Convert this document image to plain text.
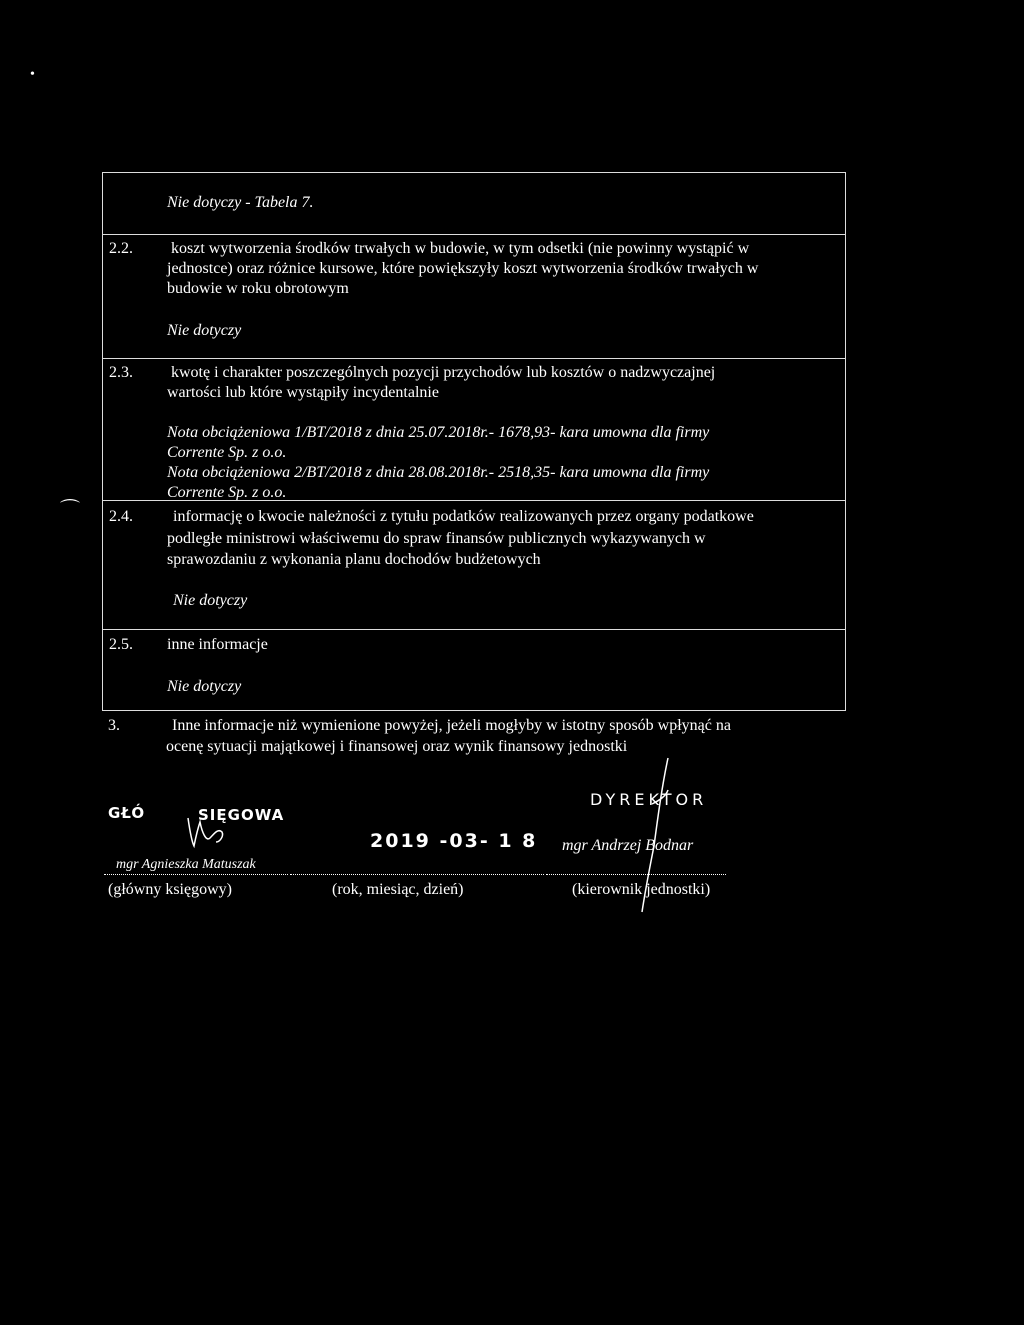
•
⌒
Nie dotyczy - Tabela 7.
2.2. koszt wytworzenia środków trwałych w budowie, w tym odsetki (nie powinny wystąpić w
jednostce) oraz różnice kursowe, które powiększyły koszt wytworzenia środków trwałych w
budowie w roku obrotowym
Nie dotyczy
2.3. kwotę i charakter poszczególnych pozycji przychodów lub kosztów o nadzwyczajnej
wartości lub które wystąpiły incydentalnie
Nota obciążeniowa 1/BT/2018 z dnia 25.07.2018r.- 1678,93- kara umowna dla firmy
Corrente Sp. z o.o.
Nota obciążeniowa 2/BT/2018 z dnia 28.08.2018r.- 2518,35- kara umowna dla firmy
Corrente Sp. z o.o.
2.4.	informację o kwocie należności z tytułu podatków realizowanych przez organy podatkowe
podległe ministrowi właściwemu do spraw finansów publicznych wykazywanych w
sprawozdaniu z wykonania planu dochodów budżetowych
Nie dotyczy
2.5. inne informacje
Nie dotyczy
3.	Inne informacje niż wymienione powyżej, jeżeli mogłyby w istotny sposób wpłynąć na
ocenę sytuacji majątkowej i finansowej oraz wynik finansowy jednostki
GŁÓ	SIĘGOWA
mgr Agnieszka Matuszak
(główny księgowy)
2019 -03- 1 8
(rok, miesiąc, dzień)
DYREKTOR
mgr Andrzej Bodnar
(kierownik jednostki)
